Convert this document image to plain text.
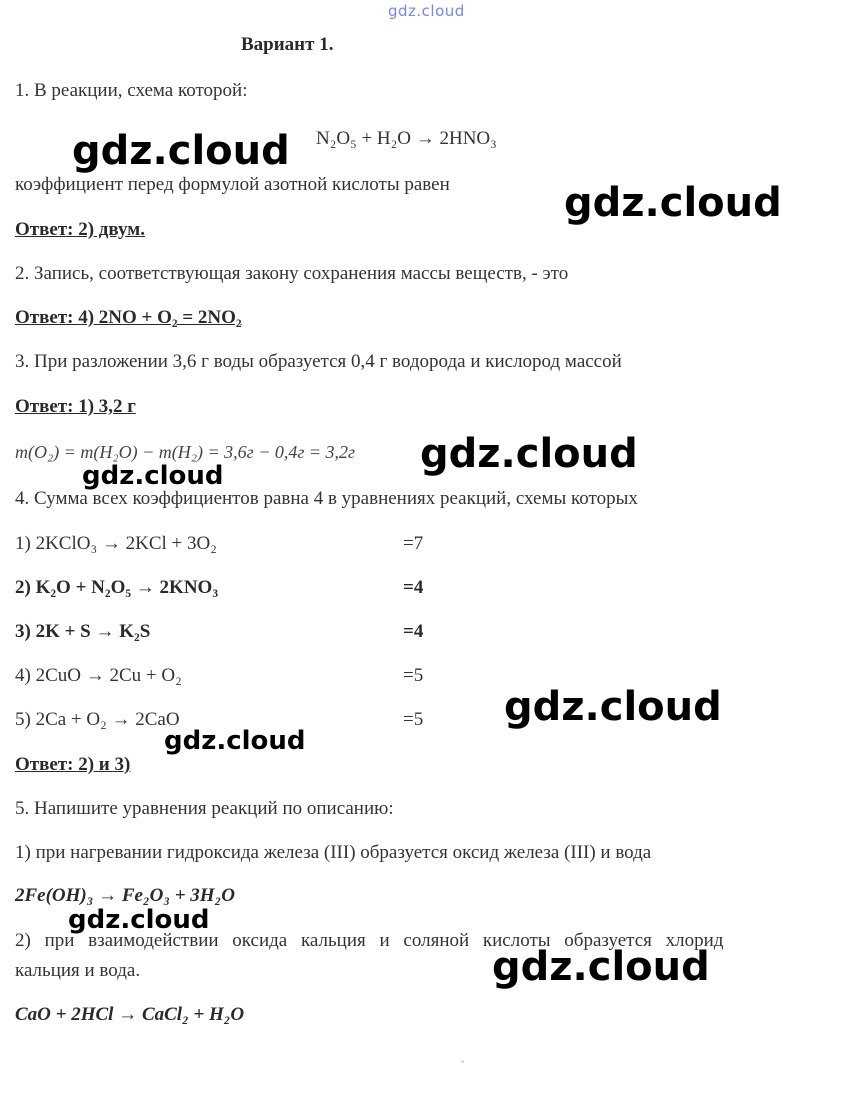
gdz.cloud
Вариант 1.
1. В реакции, схема которой:
N₂O₅ + H₂O → 2HNO₃
коэффициент перед формулой азотной кислоты равен
Ответ: 2) двум.
2. Запись, соответствующая закону сохранения массы веществ, - это
Ответ: 4) 2NO + O₂ = 2NO₂
3. При разложении 3,6 г воды образуется 0,4 г водорода и кислород массой
Ответ: 1) 3,2 г
m(O₂) = m(H₂O) − m(H₂) = 3,6г − 0,4г = 3,2г
4. Сумма всех коэффициентов равна 4 в уравнениях реакций, схемы которых
1) 2KClO₃ → 2KCl + 3O₂	=7
2) K₂O + N₂O₅ → 2KNO₃	=4
3) 2K + S → K₂S	=4
4) 2CuO → 2Cu + O₂	=5
5) 2Ca + O₂ → 2CaO	=5
Ответ: 2) и 3)
5. Напишите уравнения реакций по описанию:
1) при нагревании гидроксида железа (III) образуется оксид железа (III) и вода
2Fe(OH)₃ → Fe₂O₃ + 3H₂O
2) при взаимодействии оксида кальция и соляной кислоты образуется хлорид
кальция и вода.
CaO + 2HCl → CaCl₂ + H₂O
gdz.cloud
gdz.cloud
gdz.cloud
gdz.cloud
gdz.cloud
gdz.cloud
gdz.cloud
gdz.cloud
